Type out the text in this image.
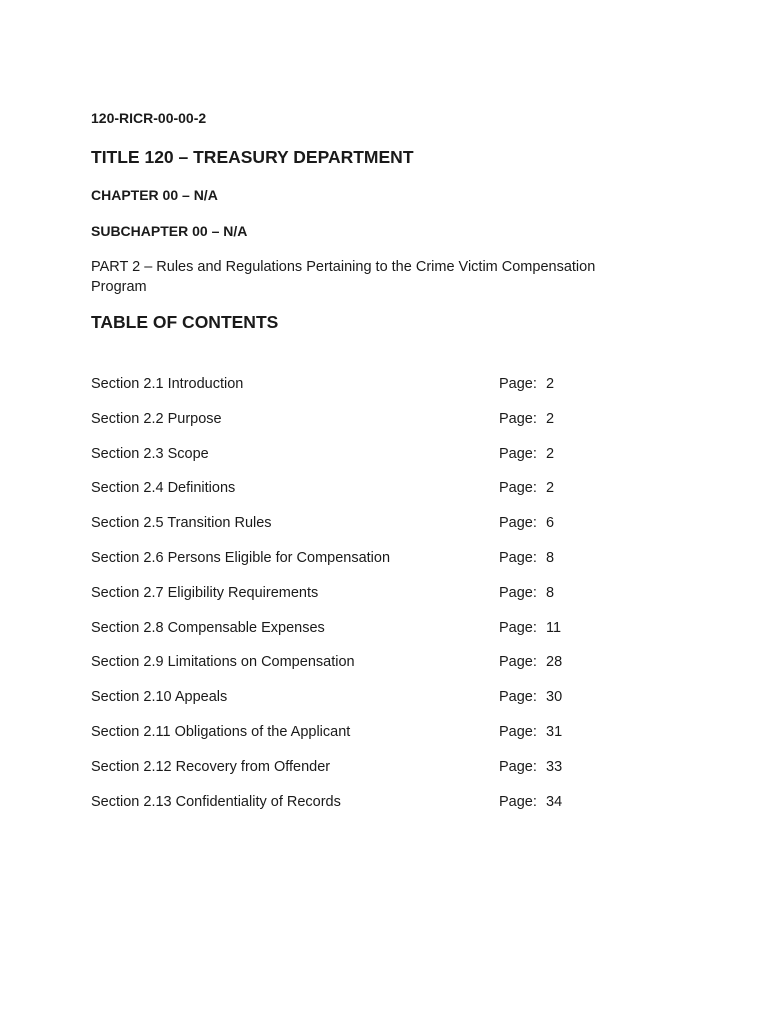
120-RICR-00-00-2
TITLE 120 – TREASURY DEPARTMENT
CHAPTER 00 – N/A
SUBCHAPTER 00 – N/A
PART 2 – Rules and Regulations Pertaining to the Crime Victim Compensation Program
TABLE OF CONTENTS
Section 2.1 Introduction	Page: 2
Section 2.2 Purpose	Page: 2
Section 2.3 Scope	Page: 2
Section 2.4 Definitions	Page: 2
Section 2.5 Transition Rules	Page: 6
Section 2.6 Persons Eligible for Compensation	Page: 8
Section 2.7 Eligibility Requirements	Page: 8
Section 2.8 Compensable Expenses	Page: 11
Section 2.9 Limitations on Compensation	Page: 28
Section 2.10 Appeals	Page: 30
Section 2.11 Obligations of the Applicant	Page: 31
Section 2.12 Recovery from Offender	Page: 33
Section 2.13 Confidentiality of Records	Page: 34
